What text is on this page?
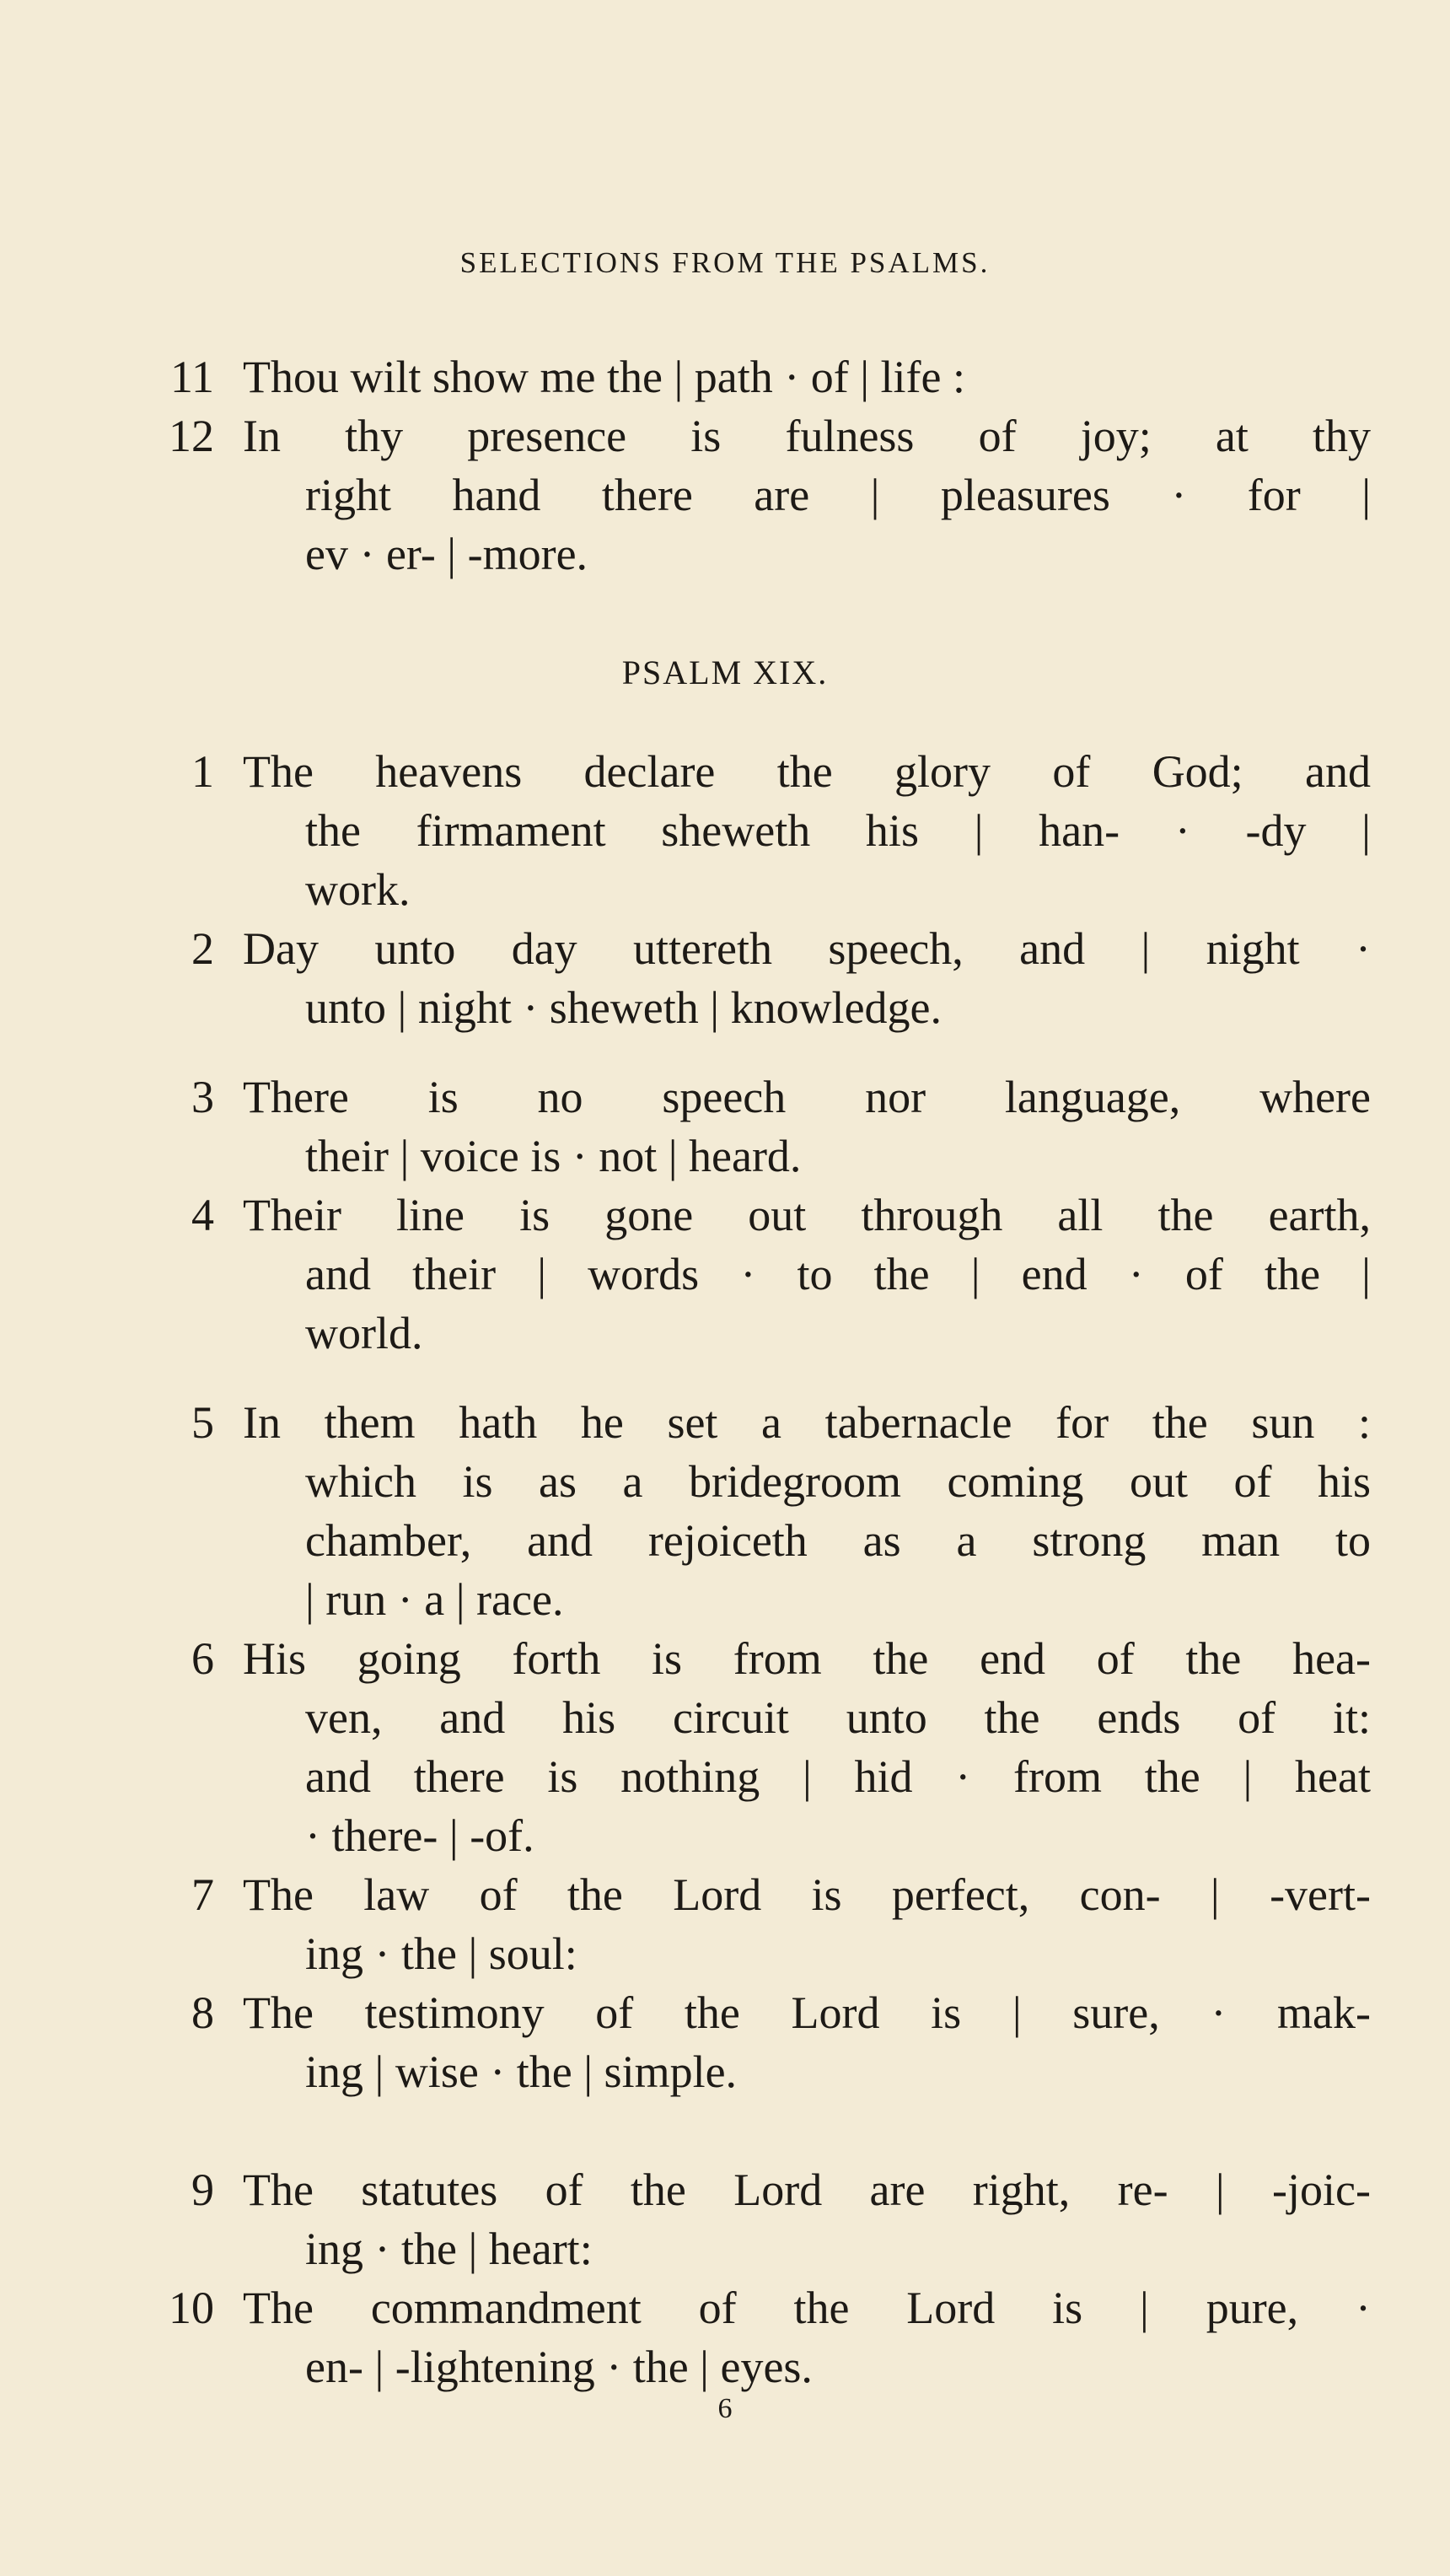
SELECTIONS FROM THE PSALMS.
11 Thou wilt show me the | path · of | life :
12 In thy presence is fulness of joy; at thy
right hand there are | pleasures · for |
ev · er- | -more.
PSALM XIX.
1 The heavens declare the glory of God; and
the firmament sheweth his | han- · -dy |
work.
2 Day unto day uttereth speech, and | night ·
unto | night · sheweth | knowledge.
3 There is no speech nor language, where
their | voice is · not | heard.
4 Their line is gone out through all the earth,
and their | words · to the | end · of the |
world.
5 In them hath he set a tabernacle for the sun :
which is as a bridegroom coming out of his
chamber, and rejoiceth as a strong man to
| run · a | race.
6 His going forth is from the end of the hea-
ven, and his circuit unto the ends of it:
and there is nothing | hid · from the | heat
· there- | -of.
7 The law of the Lord is perfect, con- | -vert-
ing · the | soul:
8 The testimony of the Lord is | sure, · mak-
ing | wise · the | simple.
9 The statutes of the Lord are right, re- | -joic-
ing · the | heart:
10 The commandment of the Lord is | pure, ·
en- | -lightening · the | eyes.
6
